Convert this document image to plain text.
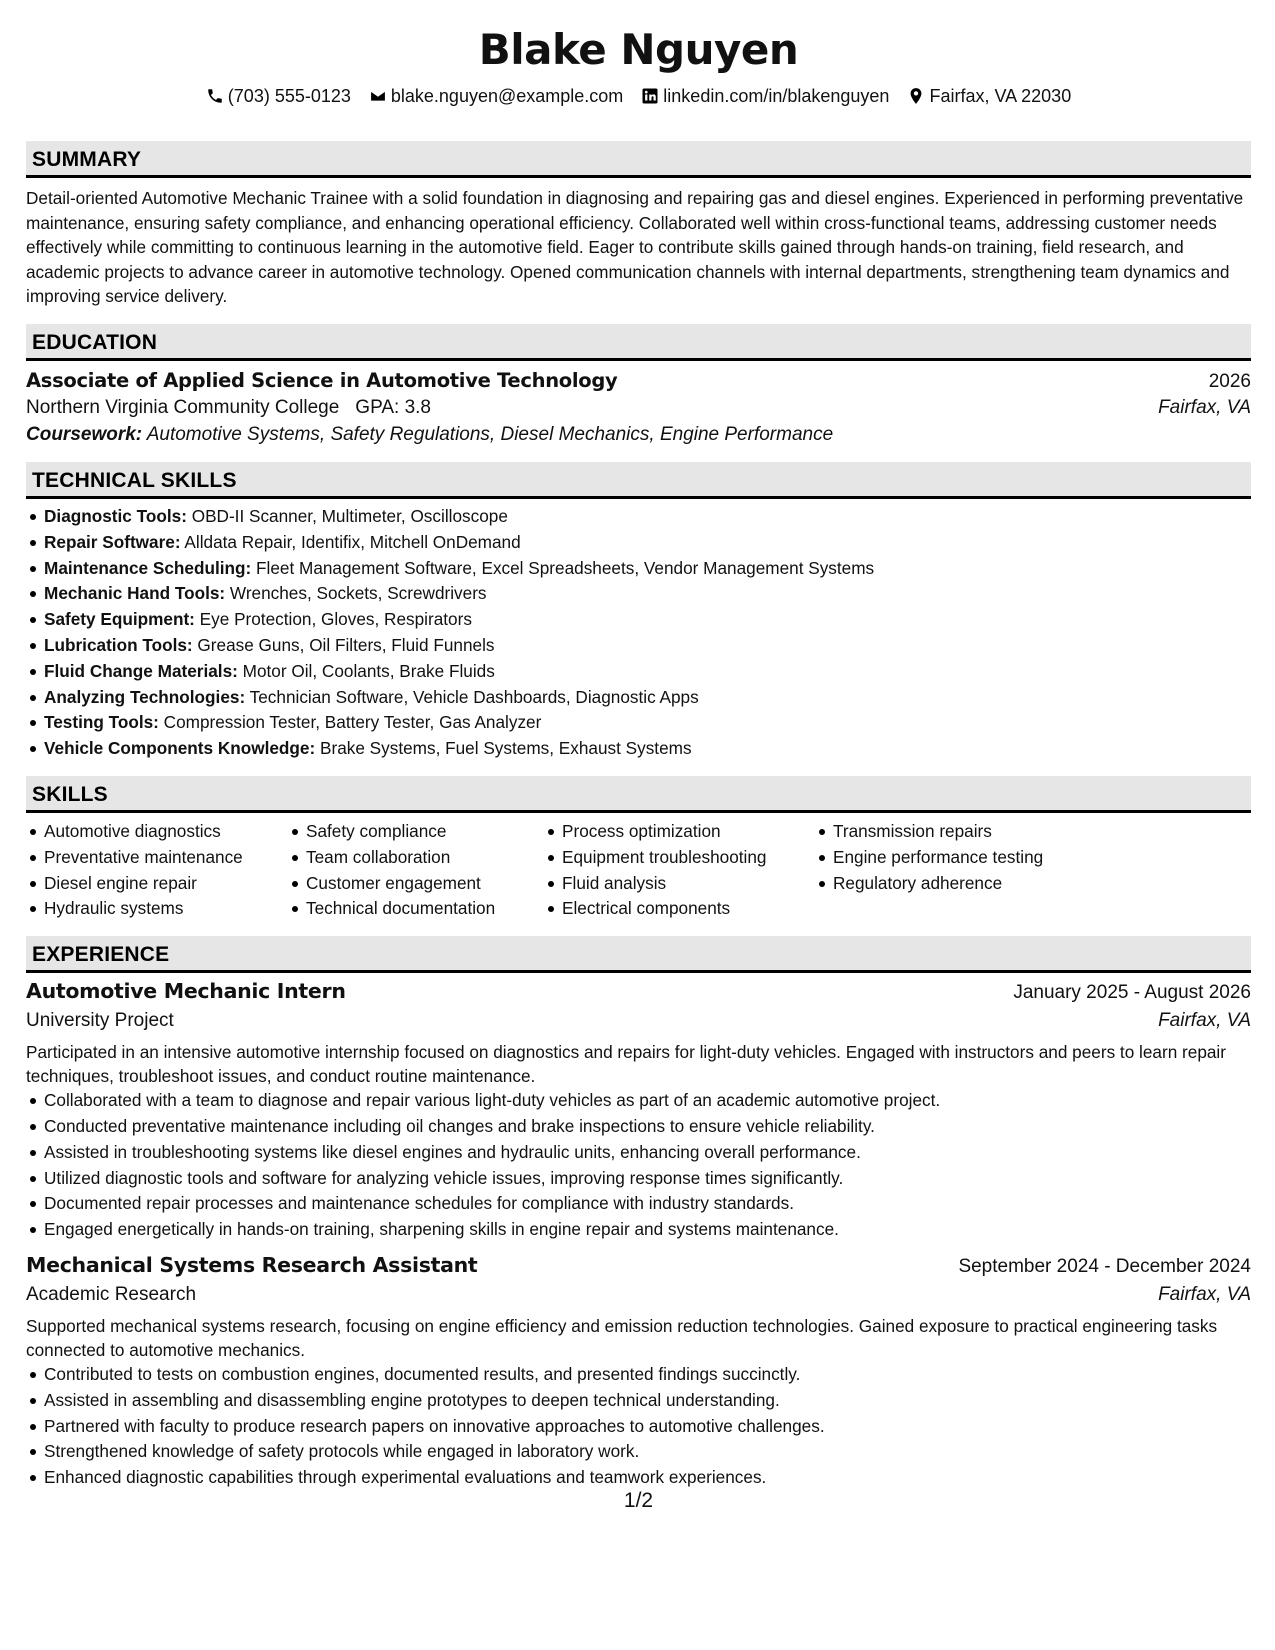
Blake Nguyen
(703) 555-0123 blake.nguyen@example.com linkedin.com/in/blakenguyen Fairfax, VA 22030
SUMMARY

Detail-oriented Automotive Mechanic Trainee with a solid foundation in diagnosing and repairing gas and diesel engines. Experienced in performing preventative maintenance, ensuring safety compliance, and enhancing operational efficiency. Collaborated well within cross-functional teams, addressing customer needs effectively while committing to continuous learning in the automotive field. Eager to contribute skills gained through hands-on training, field research, and academic projects to advance career in automotive technology. Opened communication channels with internal departments, strengthening team dynamics and improving service delivery.

EDUCATION
Associate of Applied Science in Automotive Technology	2026
Northern Virginia Community College GPA: 3.8	Fairfax, VA
Coursework: Automotive Systems, Safety Regulations, Diesel Mechanics, Engine Performance
TECHNICAL SKILLS
Diagnostic Tools: OBD-II Scanner, Multimeter, Oscilloscope
Repair Software: Alldata Repair, Identifix, Mitchell OnDemand
Maintenance Scheduling: Fleet Management Software, Excel Spreadsheets, Vendor Management Systems
Mechanic Hand Tools: Wrenches, Sockets, Screwdrivers
Safety Equipment: Eye Protection, Gloves, Respirators
Lubrication Tools: Grease Guns, Oil Filters, Fluid Funnels
Fluid Change Materials: Motor Oil, Coolants, Brake Fluids
Analyzing Technologies: Technician Software, Vehicle Dashboards, Diagnostic Apps
Testing Tools: Compression Tester, Battery Tester, Gas Analyzer
Vehicle Components Knowledge: Brake Systems, Fuel Systems, Exhaust Systems
SKILLS
Automotive diagnostics
Preventative maintenance
Diesel engine repair
Hydraulic systems
Safety compliance
Team collaboration
Customer engagement
Technical documentation
Process optimization
Equipment troubleshooting
Fluid analysis
Electrical components
Transmission repairs
Engine performance testing
Regulatory adherence
EXPERIENCE
Automotive Mechanic Intern	January 2025 - August 2026
University Project	Fairfax, VA

Participated in an intensive automotive internship focused on diagnostics and repairs for light-duty vehicles. Engaged with instructors and peers to learn repair techniques, troubleshoot issues, and conduct routine maintenance.

Collaborated with a team to diagnose and repair various light-duty vehicles as part of an academic automotive project.
Conducted preventative maintenance including oil changes and brake inspections to ensure vehicle reliability.
Assisted in troubleshooting systems like diesel engines and hydraulic units, enhancing overall performance.
Utilized diagnostic tools and software for analyzing vehicle issues, improving response times significantly.
Documented repair processes and maintenance schedules for compliance with industry standards.
Engaged energetically in hands-on training, sharpening skills in engine repair and systems maintenance.
Mechanical Systems Research Assistant	September 2024 - December 2024
Academic Research	Fairfax, VA

Supported mechanical systems research, focusing on engine efficiency and emission reduction technologies. Gained exposure to practical engineering tasks connected to automotive mechanics.

Contributed to tests on combustion engines, documented results, and presented findings succinctly.
Assisted in assembling and disassembling engine prototypes to deepen technical understanding.
Partnered with faculty to produce research papers on innovative approaches to automotive challenges.
Strengthened knowledge of safety protocols while engaged in laboratory work.
Enhanced diagnostic capabilities through experimental evaluations and teamwork experiences.
1/2
